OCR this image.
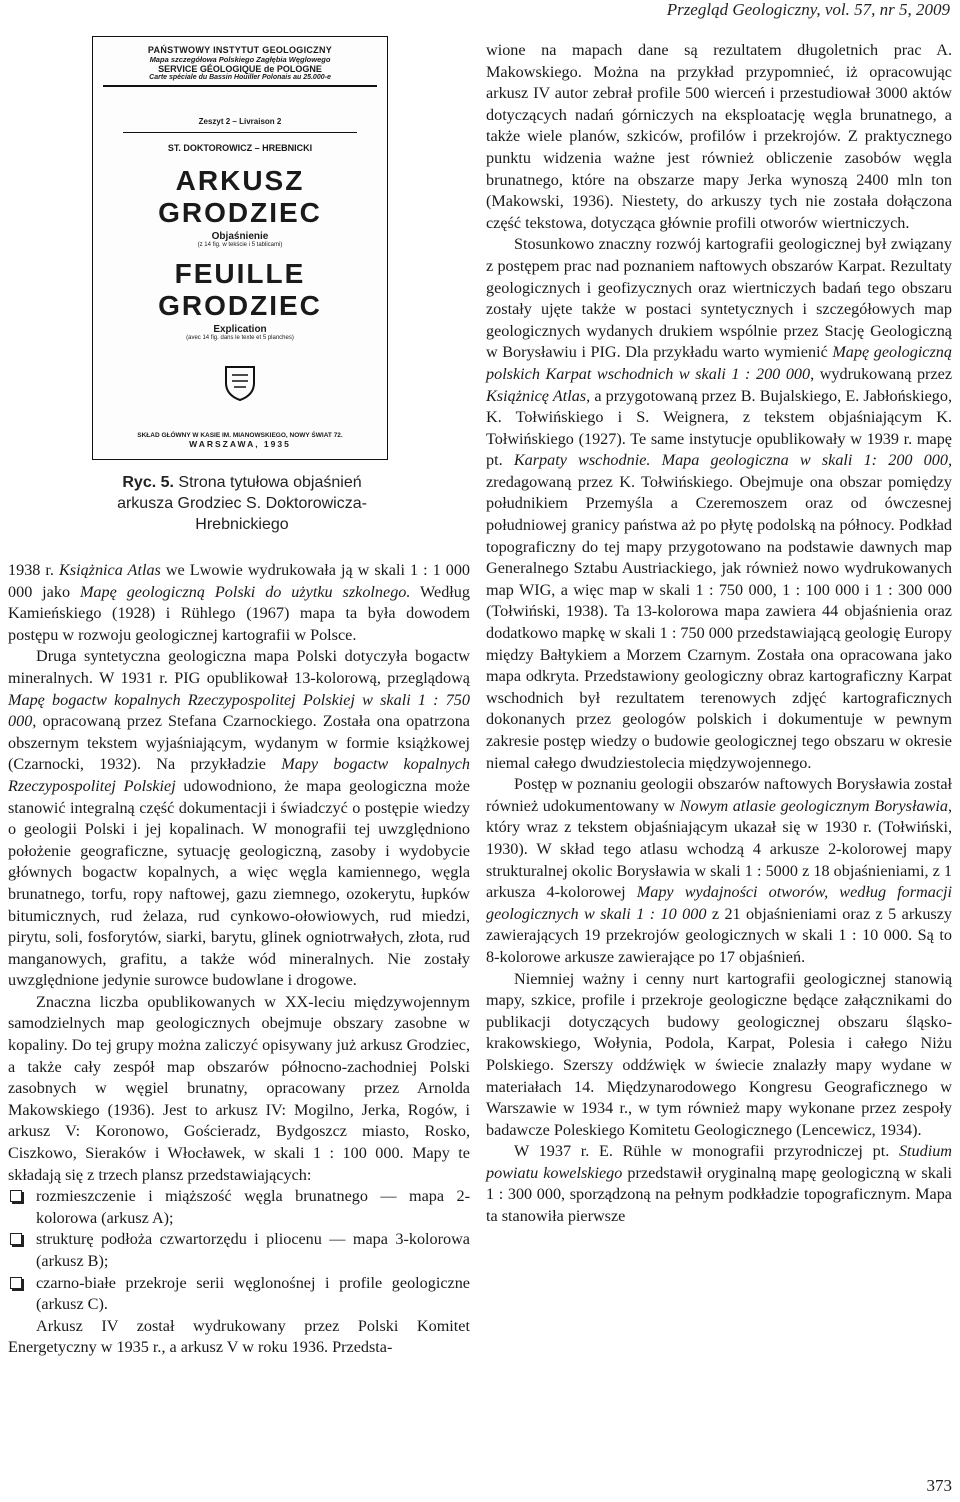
Przegląd Geologiczny, vol. 57, nr 5, 2009
PAŃSTWOWY INSTYTUT GEOLOGICZNY
Mapa szczegółowa Polskiego Zagłębia Węglowego
SERVICE GÉOLOGIQUE de POLOGNE
Carte spéciale du Bassin Houiller Polonais au 25.000-e
Zeszyt 2 – Livraison 2
ST. DOKTOROWICZ – HREBNICKI
ARKUSZ GRODZIEC
Objaśnienie
(z 14 fig. w tekście i 5 tablicami)
FEUILLE GRODZIEC
Explication
(avec 14 fig. dans le texte et 5 planches)
SKŁAD GŁÓWNY W KASIE IM. MIANOWSKIEGO, NOWY ŚWIAT 72.
WARSZAWA, 1935
Ryc. 5. Strona tytułowa objaśnień arkusza Grodziec S. Doktorowicza- Hrebnickiego

1938 r. Książnica Atlas we Lwowie wydrukowała ją w skali 1 : 1 000 000 jako Mapę geologiczną Polski do użytku szkolnego. Według Kamieńskiego (1928) i Rühlego (1967) mapa ta była dowodem postępu w rozwoju geologicznej kartografii w Polsce.

Druga syntetyczna geologiczna mapa Polski dotyczyła bogactw mineralnych. W 1931 r. PIG opublikował 13-kolorową, przeglądową Mapę bogactw kopalnych Rzeczypospolitej Polskiej w skali 1 : 750 000, opracowaną przez Stefana Czarnockiego. Została ona opatrzona obszernym tekstem wyjaśniającym, wydanym w formie książkowej (Czarnocki, 1932). Na przykładzie Mapy bogactw kopalnych Rzeczypospolitej Polskiej udowodniono, że mapa geologiczna może stanowić integralną część dokumentacji i świadczyć o postępie wiedzy o geologii Polski i jej kopalinach. W monografii tej uwzględniono położenie geograficzne, sytuację geologiczną, zasoby i wydobycie głównych bogactw kopalnych, a więc węgla kamiennego, węgla brunatnego, torfu, ropy naftowej, gazu ziemnego, ozokerytu, łupków bitumicznych, rud żelaza, rud cynkowo-ołowiowych, rud miedzi, pirytu, soli, fosforytów, siarki, barytu, glinek ogniotrwałych, złota, rud manganowych, grafitu, a także wód mineralnych. Nie zostały uwzględnione jedynie surowce budowlane i drogowe.

Znaczna liczba opublikowanych w XX-leciu międzywojennym samodzielnych map geologicznych obejmuje obszary zasobne w kopaliny. Do tej grupy można zaliczyć opisywany już arkusz Grodziec, a także cały zespół map obszarów północno-zachodniej Polski zasobnych w węgiel brunatny, opracowany przez Arnolda Makowskiego (1936). Jest to arkusz IV: Mogilno, Jerka, Rogów, i arkusz V: Koronowo, Gościeradz, Bydgoszcz miasto, Rosko, Ciszkowo, Sieraków i Włocławek, w skali 1 : 100 000. Mapy te składają się z trzech plansz przedstawiających:

rozmieszczenie i miąższość węgla brunatnego — mapa 2-kolorowa (arkusz A);
strukturę podłoża czwartorzędu i pliocenu — mapa 3-kolorowa (arkusz B);
czarno-białe przekroje serii węglonośnej i profile geologiczne (arkusz C).

Arkusz IV został wydrukowany przez Polski Komitet Energetyczny w 1935 r., a arkusz V w roku 1936. Przedsta-

wione na mapach dane są rezultatem długoletnich prac A. Makowskiego. Można na przykład przypomnieć, iż opracowując arkusz IV autor zebrał profile 500 wierceń i przestudiował 3000 aktów dotyczących nadań górniczych na eksploatację węgla brunatnego, a także wiele planów, szkiców, profilów i przekrojów. Z praktycznego punktu widzenia ważne jest również obliczenie zasobów węgla brunatnego, które na obszarze mapy Jerka wynoszą 2400 mln ton (Makowski, 1936). Niestety, do arkuszy tych nie została dołączona część tekstowa, dotycząca głównie profili otworów wiertniczych.

Stosunkowo znaczny rozwój kartografii geologicznej był związany z postępem prac nad poznaniem naftowych obszarów Karpat. Rezultaty geologicznych i geofizycznych oraz wiertniczych badań tego obszaru zostały ujęte także w postaci syntetycznych i szczegółowych map geologicznych wydanych drukiem wspólnie przez Stację Geologiczną w Borysławiu i PIG. Dla przykładu warto wymienić Mapę geologiczną polskich Karpat wschodnich w skali 1 : 200 000, wydrukowaną przez Książnicę Atlas, a przygotowaną przez B. Bujalskiego, E. Jabłońskiego, K. Tołwińskiego i S. Weignera, z tekstem objaśniającym K. Tołwińskiego (1927). Te same instytucje opublikowały w 1939 r. mapę pt. Karpaty wschodnie. Mapa geologiczna w skali 1: 200 000, zredagowaną przez K. Tołwińskiego. Obejmuje ona obszar pomiędzy południkiem Przemyśla a Czeremoszem oraz od ówczesnej południowej granicy państwa aż po płytę podolską na północy. Podkład topograficzny do tej mapy przygotowano na podstawie dawnych map Generalnego Sztabu Austriackiego, jak również nowo wydrukowanych map WIG, a więc map w skali 1 : 750 000, 1 : 100 000 i 1 : 300 000 (Tołwiński, 1938). Ta 13-kolorowa mapa zawiera 44 objaśnienia oraz dodatkowo mapkę w skali 1 : 750 000 przedstawiającą geologię Europy między Bałtykiem a Morzem Czarnym. Została ona opracowana jako mapa odkryta. Przedstawiony geologiczny obraz kartograficzny Karpat wschodnich był rezultatem terenowych zdjęć kartograficznych dokonanych przez geologów polskich i dokumentuje w pewnym zakresie postęp wiedzy o budowie geologicznej tego obszaru w okresie niemal całego dwudziestolecia międzywojennego.

Postęp w poznaniu geologii obszarów naftowych Borysławia został również udokumentowany w Nowym atlasie geologicznym Borysławia, który wraz z tekstem objaśniającym ukazał się w 1930 r. (Tołwiński, 1930). W skład tego atlasu wchodzą 4 arkusze 2-kolorowej mapy strukturalnej okolic Borysławia w skali 1 : 5000 z 18 objaśnieniami, z 1 arkusza 4-kolorowej Mapy wydajności otworów, według formacji geologicznych w skali 1 : 10 000 z 21 objaśnieniami oraz z 5 arkuszy zawierających 19 przekrojów geologicznych w skali 1 : 10 000. Są to 8-kolorowe arkusze zawierające po 17 objaśnień.

Niemniej ważny i cenny nurt kartografii geologicznej stanowią mapy, szkice, profile i przekroje geologiczne będące załącznikami do publikacji dotyczących budowy geologicznej obszaru śląsko-krakowskiego, Wołynia, Podola, Karpat, Polesia i całego Niżu Polskiego. Szerszy oddźwięk w świecie znalazły mapy wydane w materiałach 14. Międzynarodowego Kongresu Geograficznego w Warszawie w 1934 r., w tym również mapy wykonane przez zespoły badawcze Poleskiego Komitetu Geologicznego (Lencewicz, 1934).

W 1937 r. E. Rühle w monografii przyrodniczej pt. Studium powiatu kowelskiego przedstawił oryginalną mapę geologiczną w skali 1 : 300 000, sporządzoną na pełnym podkładzie topograficznym. Mapa ta stanowiła pierwsze

373
